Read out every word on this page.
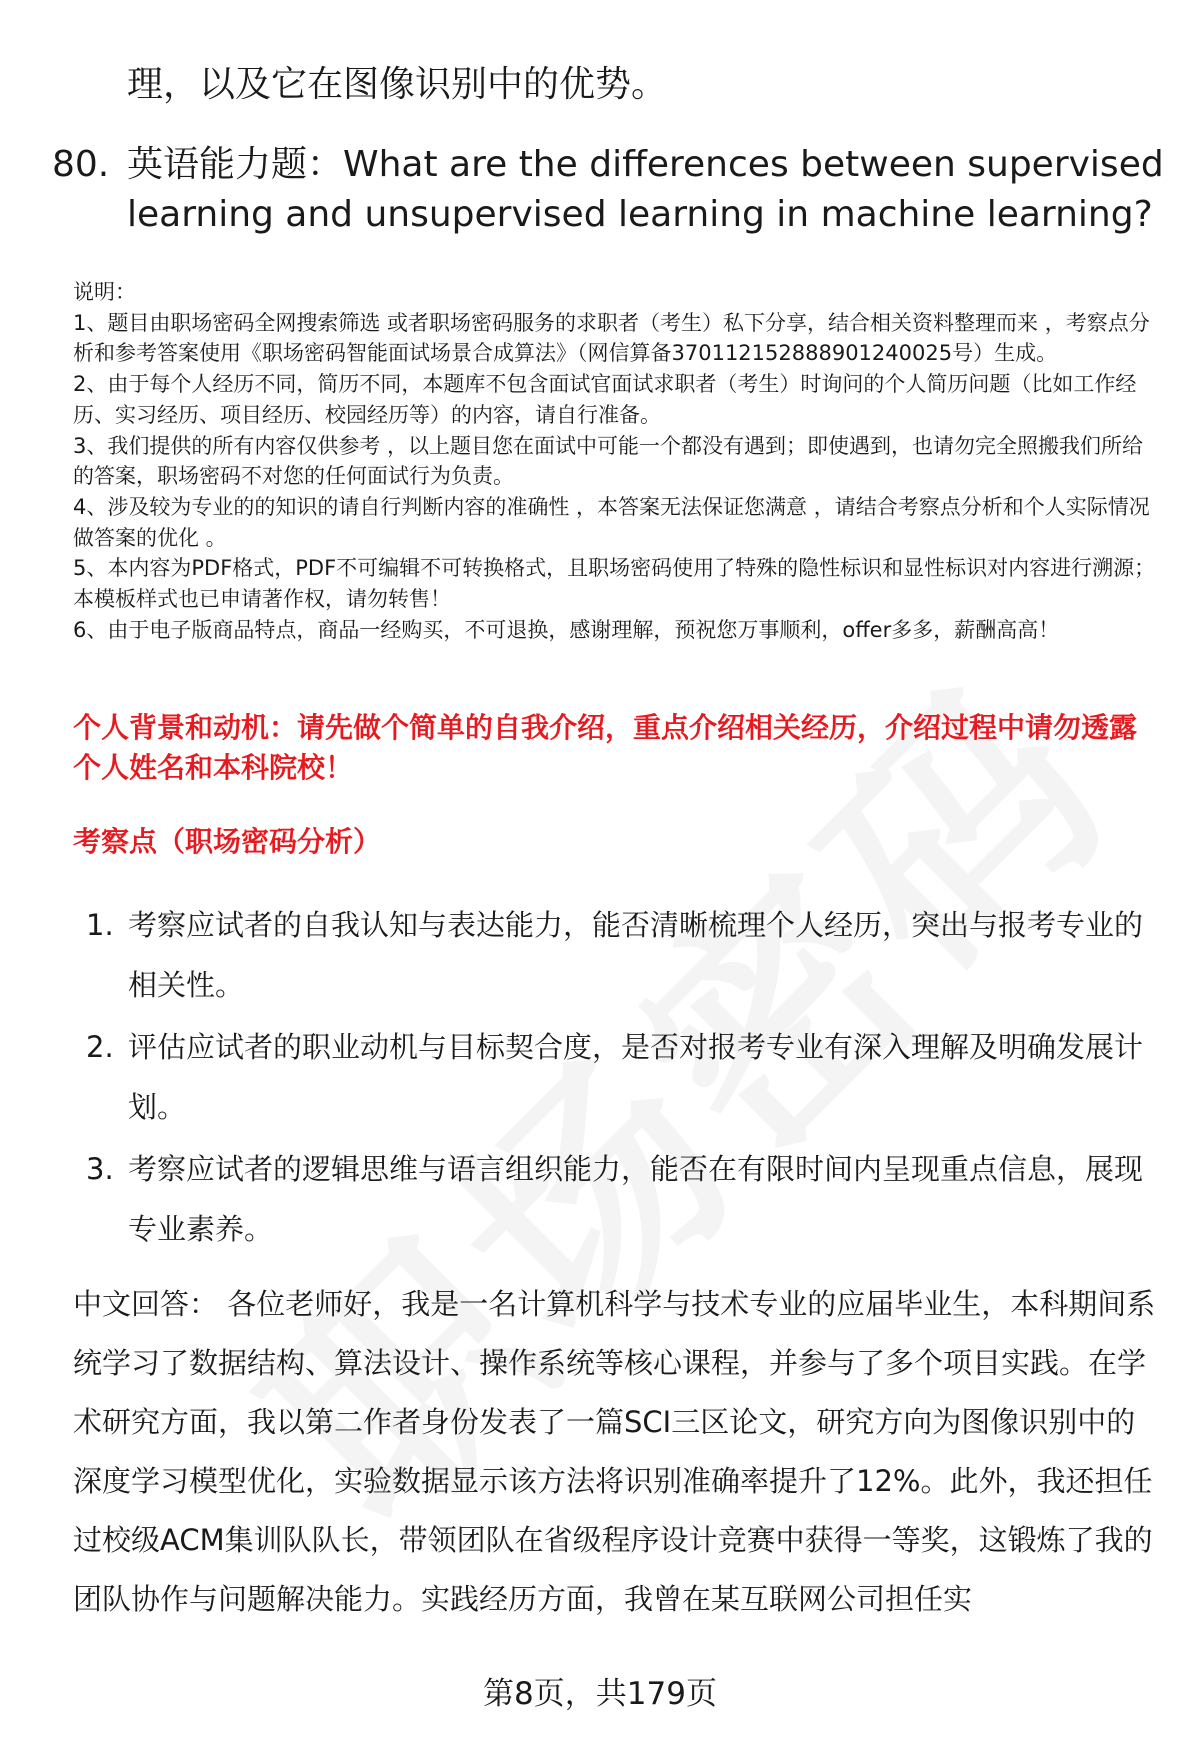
理，以及它在图像识别中的优势。
80. 英语能力题：What are the differences between supervised learning and unsupervised learning in machine learning?

说明：

1、题目由职场密码全网搜索筛选 或者职场密码服务的求职者（考生）私下分享，结合相关资料整理而来 ，考察点分析和参考答案使用《职场密码智能面试场景合成算法》（网信算备370112152888901240025号）生成。

2、由于每个人经历不同，简历不同，本题库不包含面试官面试求职者（考生）时询问的个人简历问题（比如工作经历、实习经历、项目经历、校园经历等）的内容，请自行准备。

3、我们提供的所有内容仅供参考 ，以上题目您在面试中可能一个都没有遇到；即使遇到，也请勿完全照搬我们所给的答案，职场密码不对您的任何面试行为负责。

4、涉及较为专业的的知识的请自行判断内容的准确性 ，本答案无法保证您满意 ，请结合考察点分析和个人实际情况做答案的优化 。

5、本内容为PDF格式，PDF不可编辑不可转换格式，且职场密码使用了特殊的隐性标识和显性标识对内容进行溯源；本模板样式也已申请著作权，请勿转售！

6、由于电子版商品特点，商品一经购买，不可退换，感谢理解，预祝您万事顺利，offer多多，薪酬高高！

个人背景和动机：请先做个简单的自我介绍，重点介绍相关经历，介绍过程中请勿透露个人姓名和本科院校！
考察点（职场密码分析）
1. 考察应试者的自我认知与表达能力，能否清晰梳理个人经历，突出与报考专业的相关性。
2. 评估应试者的职业动机与目标契合度，是否对报考专业有深入理解及明确发展计划。
3. 考察应试者的逻辑思维与语言组织能力，能否在有限时间内呈现重点信息，展现专业素养。
中文回答： 各位老师好，我是一名计算机科学与技术专业的应届毕业生，本科期间系统学习了数据结构、算法设计、操作系统等核心课程，并参与了多个项目实践。在学术研究方面，我以第二作者身份发表了一篇SCI三区论文，研究方向为图像识别中的深度学习模型优化，实验数据显示该方法将识别准确率提升了12%。此外，我还担任过校级ACM集训队队长，带领团队在省级程序设计竞赛中获得一等奖，这锻炼了我的团队协作与问题解决能力。实践经历方面，我曾在某互联网公司担任实
第8页，共179页
